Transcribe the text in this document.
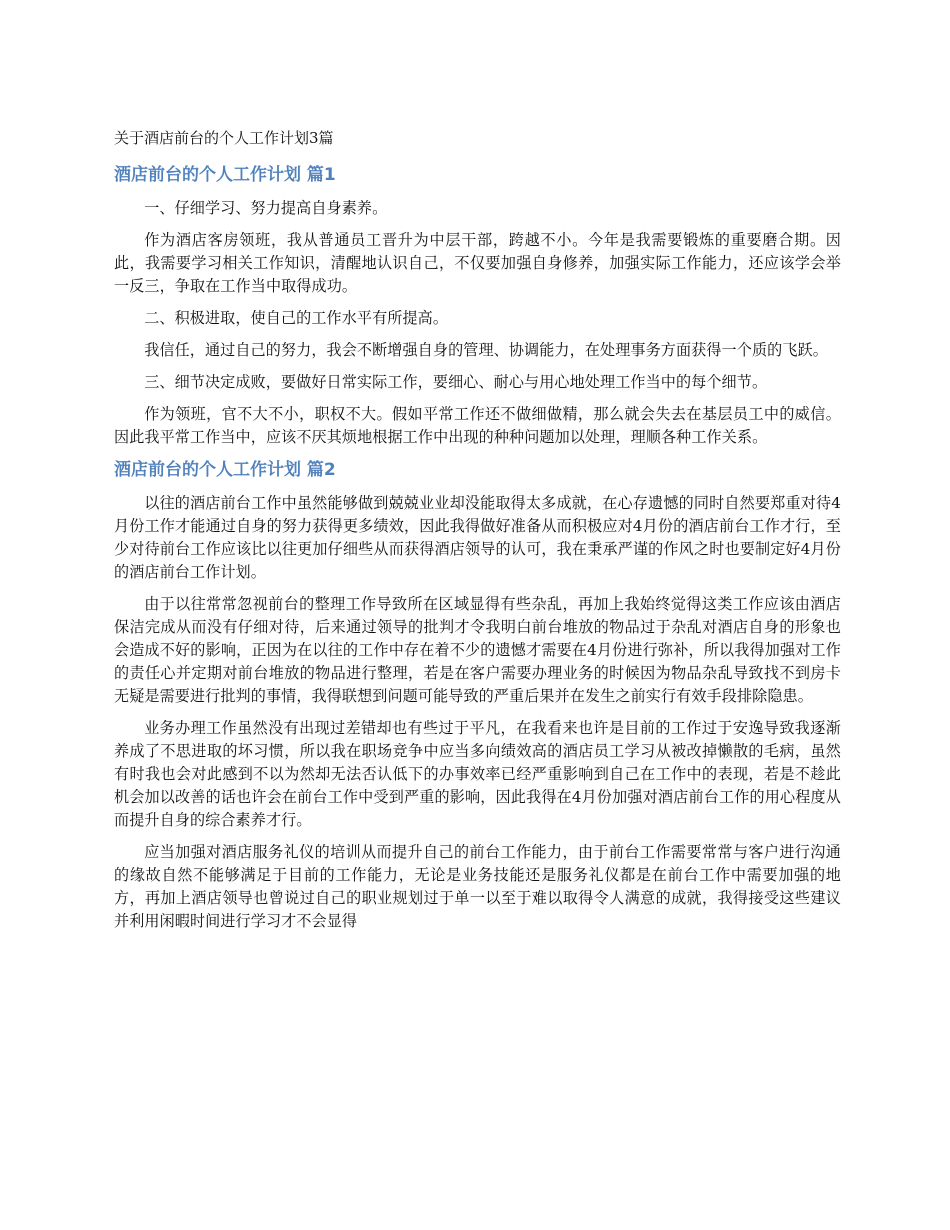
关于酒店前台的个人工作计划3篇
酒店前台的个人工作计划 篇1

一、仔细学习、努力提高自身素养。

作为酒店客房领班，我从普通员工晋升为中层干部，跨越不小。今年是我需要锻炼的重要磨合期。因此，我需要学习相关工作知识，清醒地认识自己，不仅要加强自身修养，加强实际工作能力，还应该学会举一反三，争取在工作当中取得成功。

二、积极进取，使自己的工作水平有所提高。

我信任，通过自己的努力，我会不断增强自身的管理、协调能力，在处理事务方面获得一个质的飞跃。

三、细节决定成败，要做好日常实际工作，要细心、耐心与用心地处理工作当中的每个细节。

作为领班，官不大不小，职权不大。假如平常工作还不做细做精，那么就会失去在基层员工中的威信。因此我平常工作当中，应该不厌其烦地根据工作中出现的种种问题加以处理，理顺各种工作关系。

酒店前台的个人工作计划 篇2

以往的酒店前台工作中虽然能够做到兢兢业业却没能取得太多成就，在心存遗憾的同时自然要郑重对待4月份工作才能通过自身的努力获得更多绩效，因此我得做好准备从而积极应对4月份的酒店前台工作才行，至少对待前台工作应该比以往更加仔细些从而获得酒店领导的认可，我在秉承严谨的作风之时也要制定好4月份的酒店前台工作计划。

由于以往常常忽视前台的整理工作导致所在区域显得有些杂乱，再加上我始终觉得这类工作应该由酒店保洁完成从而没有仔细对待，后来通过领导的批判才令我明白前台堆放的物品过于杂乱对酒店自身的形象也会造成不好的影响，正因为在以往的工作中存在着不少的遗憾才需要在4月份进行弥补，所以我得加强对工作的责任心并定期对前台堆放的物品进行整理，若是在客户需要办理业务的时候因为物品杂乱导致找不到房卡无疑是需要进行批判的事情，我得联想到问题可能导致的严重后果并在发生之前实行有效手段排除隐患。

业务办理工作虽然没有出现过差错却也有些过于平凡，在我看来也许是目前的工作过于安逸导致我逐渐养成了不思进取的坏习惯，所以我在职场竞争中应当多向绩效高的酒店员工学习从被改掉懒散的毛病，虽然有时我也会对此感到不以为然却无法否认低下的办事效率已经严重影响到自己在工作中的表现，若是不趁此机会加以改善的话也许会在前台工作中受到严重的影响，因此我得在4月份加强对酒店前台工作的用心程度从而提升自身的综合素养才行。

应当加强对酒店服务礼仪的培训从而提升自己的前台工作能力，由于前台工作需要常常与客户进行沟通的缘故自然不能够满足于目前的工作能力，无论是业务技能还是服务礼仪都是在前台工作中需要加强的地方，再加上酒店领导也曾说过自己的职业规划过于单一以至于难以取得令人满意的成就，我得接受这些建议并利用闲暇时间进行学习才不会显得
